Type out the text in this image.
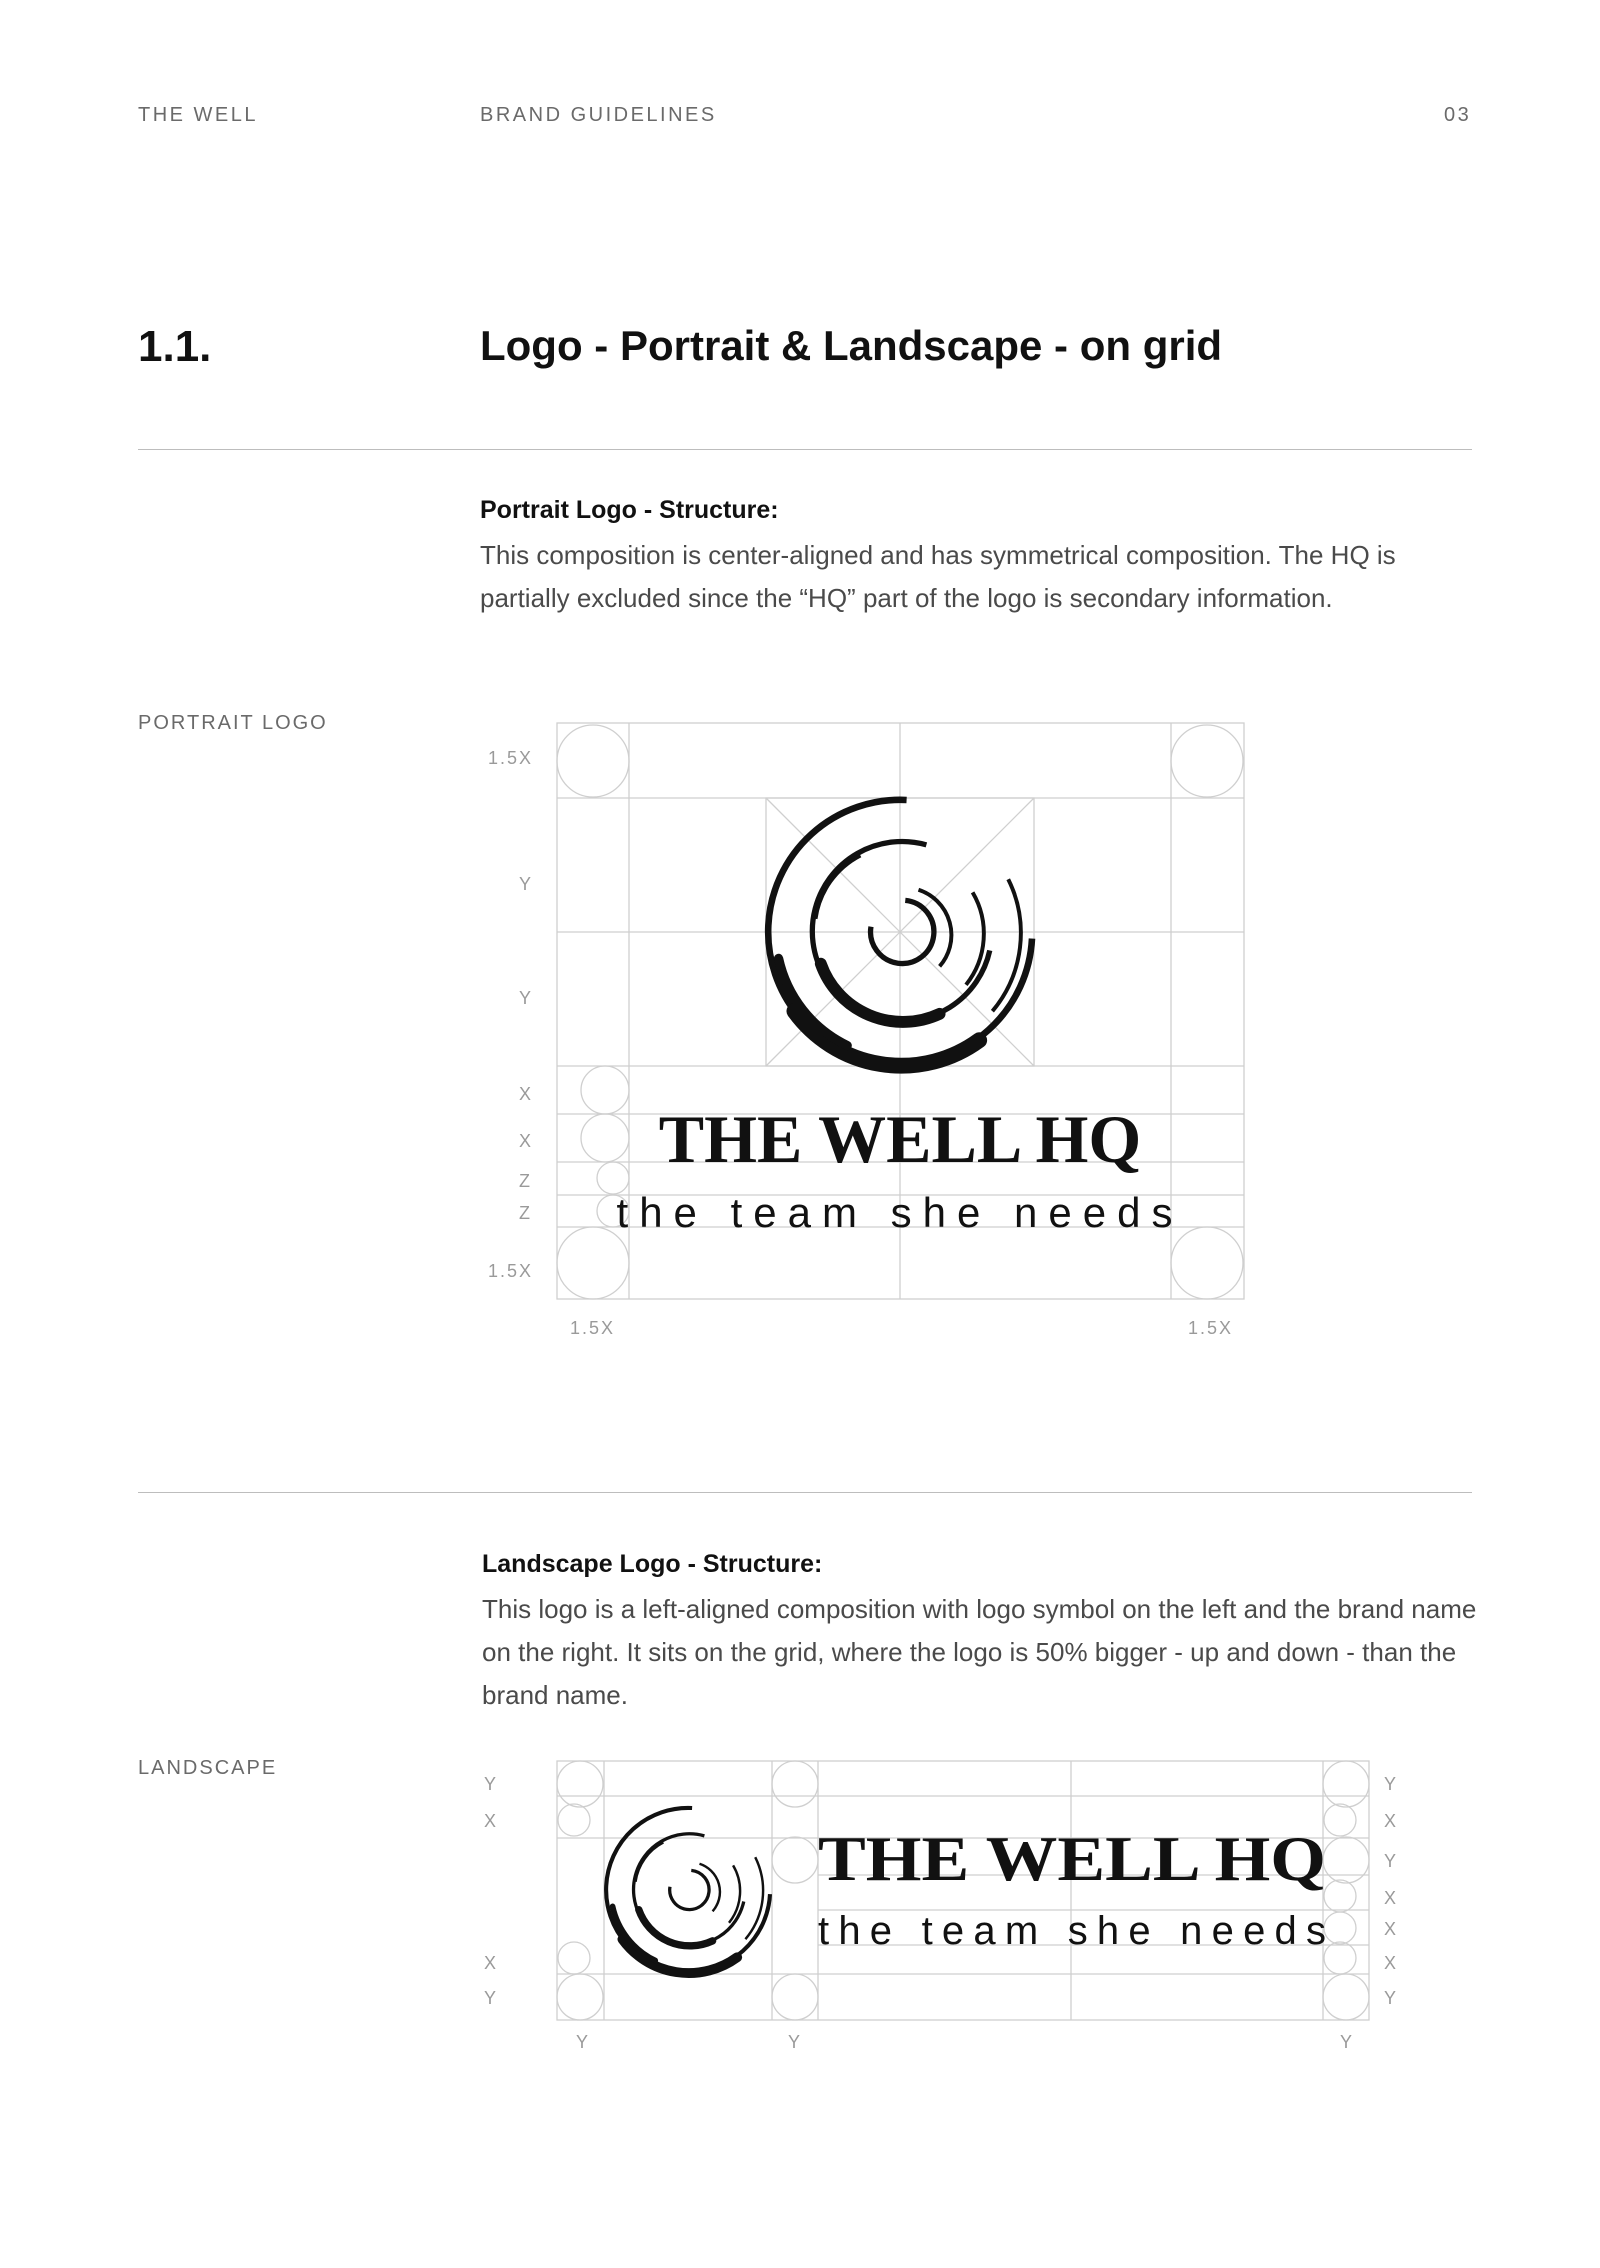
THE WELL	BRAND GUIDELINES	03
1.1.	Logo - Portrait & Landscape - on grid
Portrait Logo - Structure:
This composition is center-aligned and has symmetrical composition. The HQ is partially excluded since the “HQ” part of the logo is secondary information.
PORTRAIT LOGO
Landscape Logo - Structure:
This logo is a left-aligned composition with logo symbol on the left and the brand name on the right. It sits on the grid, where the logo is 50% bigger - up and down - than the brand name.
LANDSCAPE
THE WELL HQ
the team she needs
1.5X
Y
Y
X
X
Z
Z
1.5X
1.5X	1.5X
THE WELL HQ
the team she needs
Y
X
X
Y
Y
X
Y
X
X
X
Y
Y	Y	Y
